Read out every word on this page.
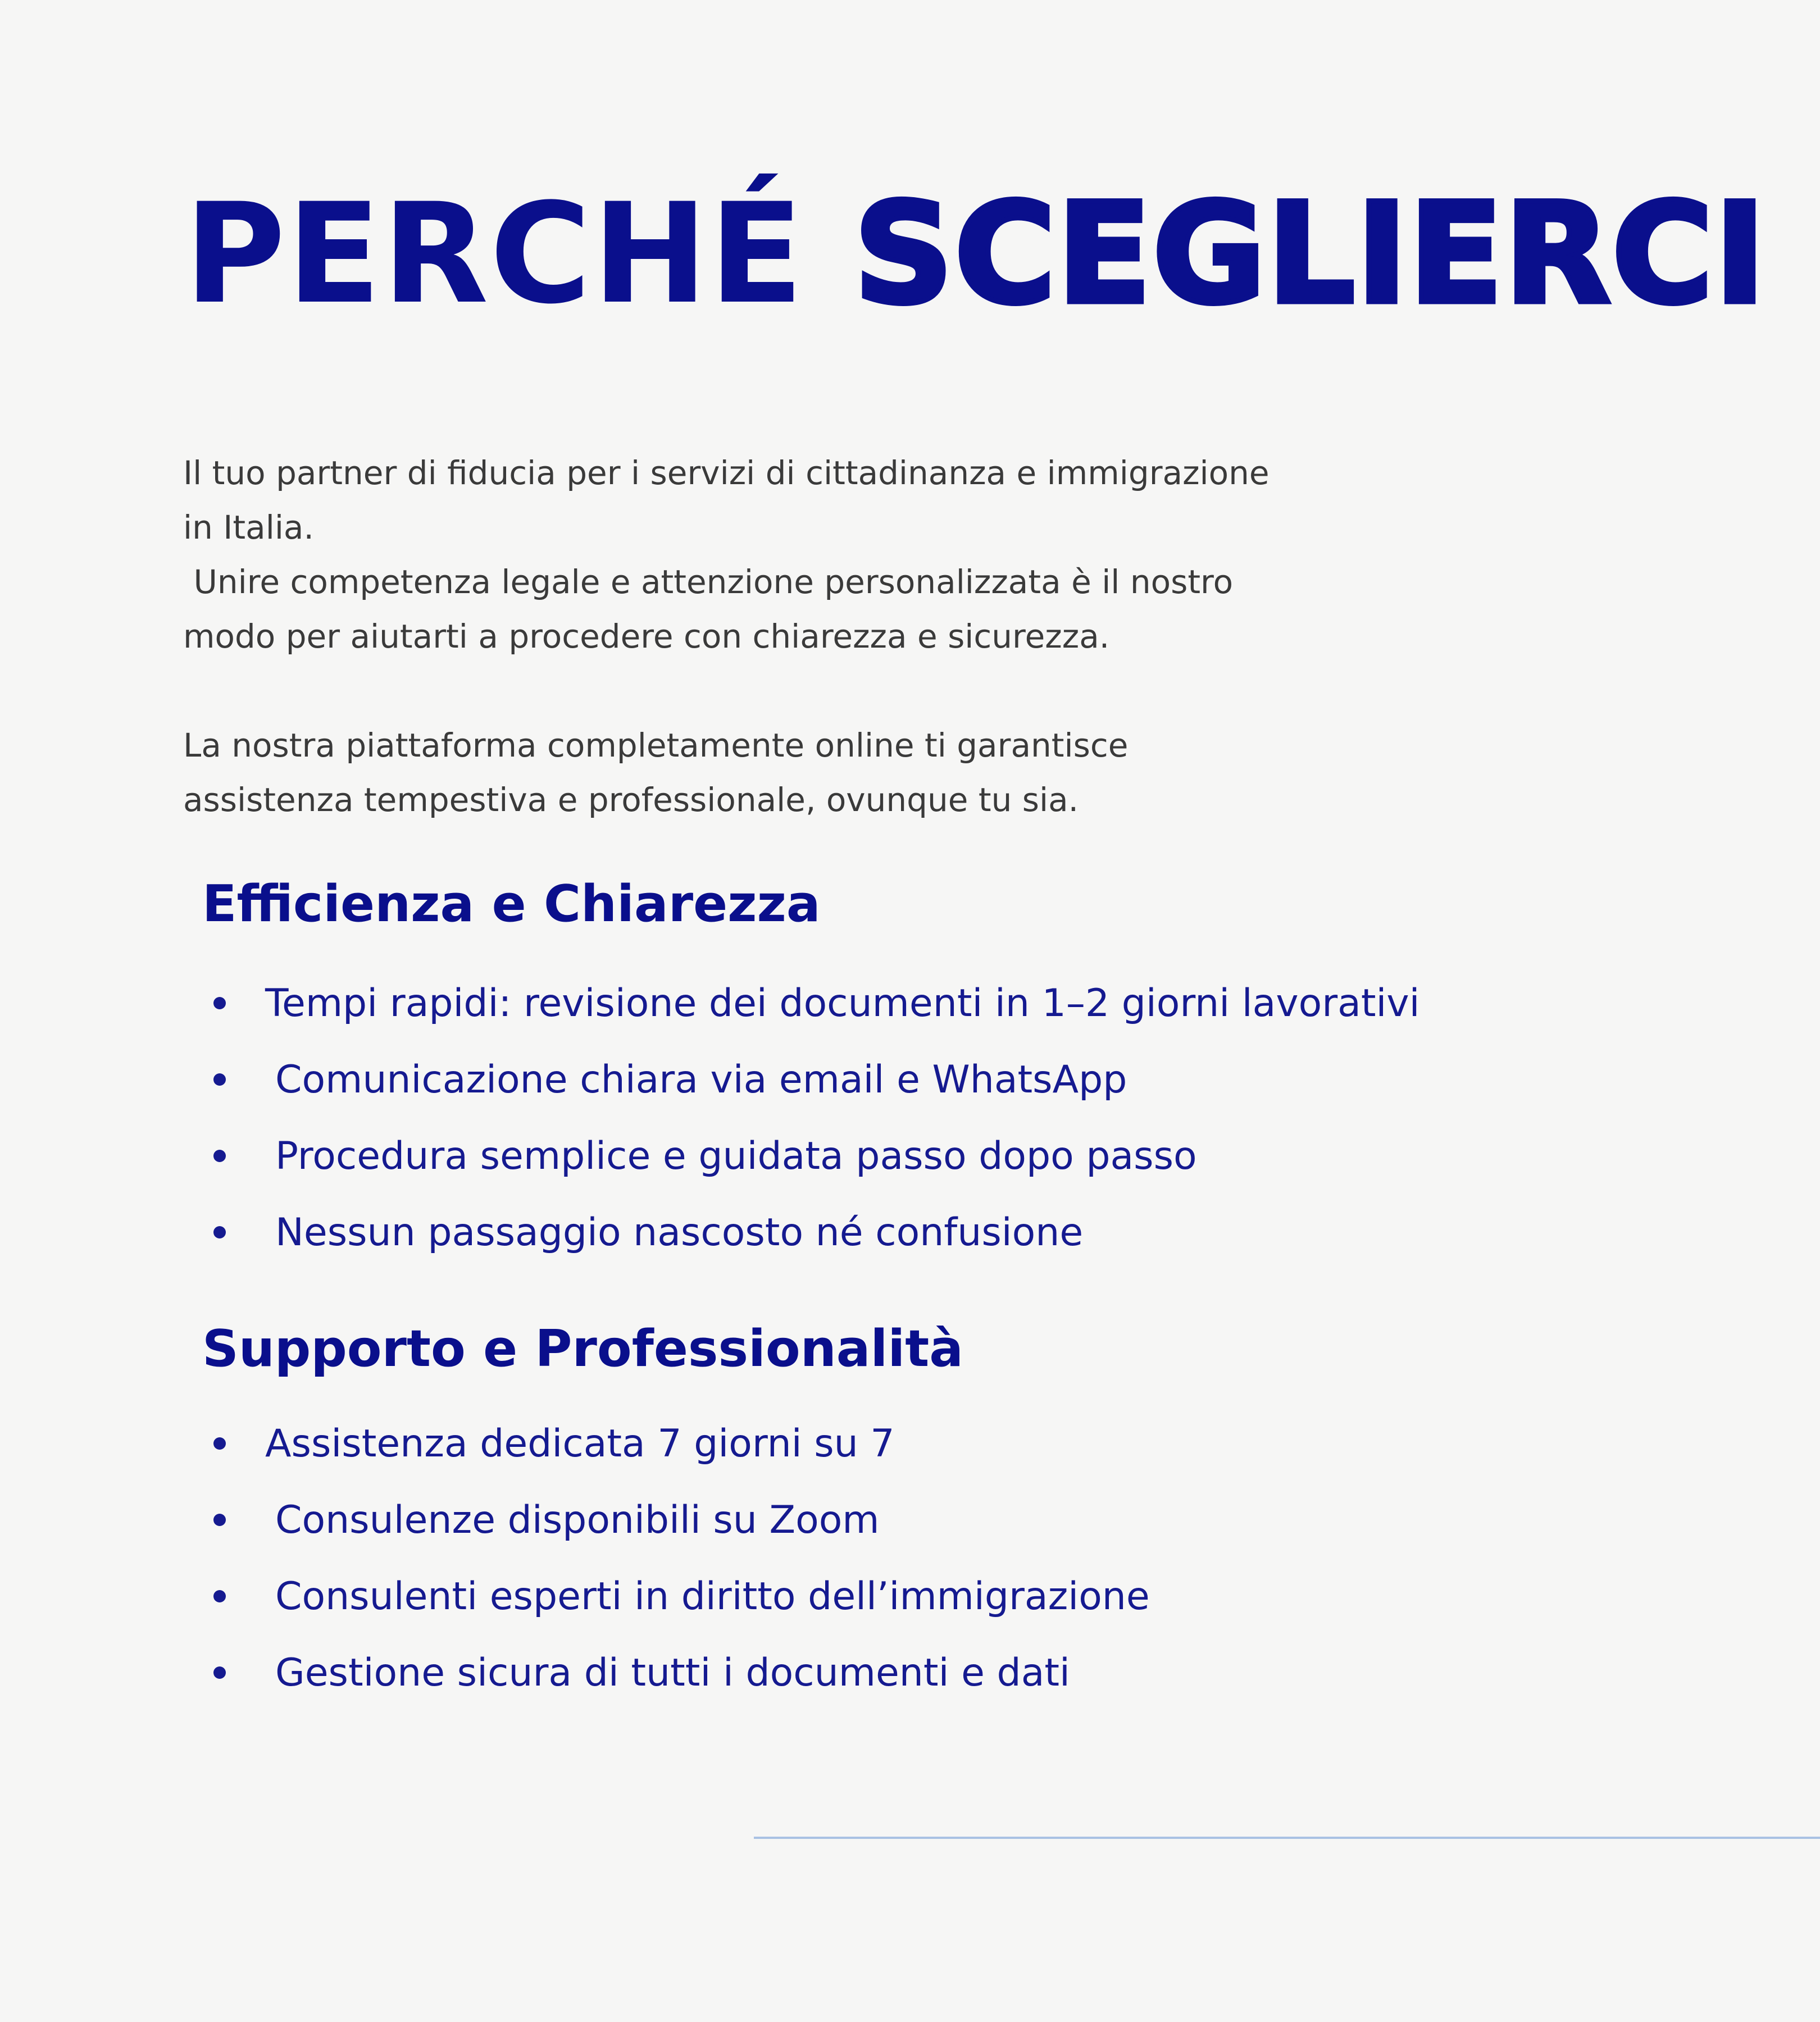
PERCHÉ SCEGLIERCI

Il tuo partner di fiducia per i servizi di cittadinanza e immigrazione

in Italia.

Unire competenza legale e attenzione personalizzata è il nostro

modo per aiutarti a procedere con chiarezza e sicurezza.

La nostra piattaforma completamente online ti garantisce

assistenza tempestiva e professionale, ovunque tu sia.

Efficienza e Chiarezza
Tempi rapidi: revisione dei documenti in 1–2 giorni lavorativi
Comunicazione chiara via email e WhatsApp
Procedura semplice e guidata passo dopo passo
Nessun passaggio nascosto né confusione
Supporto e Professionalità
Assistenza dedicata 7 giorni su 7
Consulenze disponibili su Zoom
Consulenti esperti in diritto dell’immigrazione
Gestione sicura di tutti i documenti e dati
